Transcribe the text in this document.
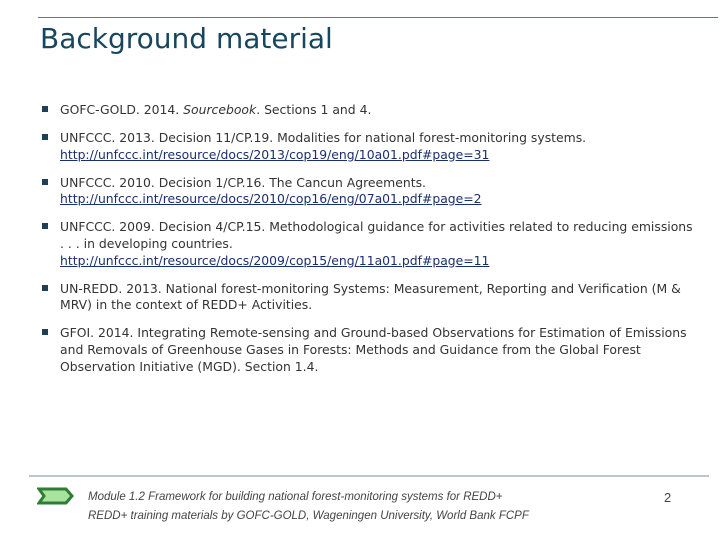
Background material
GOFC-GOLD. 2014. Sourcebook. Sections 1 and 4.
UNFCCC. 2013. Decision 11/CP.19. Modalities for national forest-monitoring systems.
http://unfccc.int/resource/docs/2013/cop19/eng/10a01.pdf#page=31
UNFCCC. 2010. Decision 1/CP.16. The Cancun Agreements.
http://unfccc.int/resource/docs/2010/cop16/eng/07a01.pdf#page=2
UNFCCC. 2009. Decision 4/CP.15. Methodological guidance for activities related to reducing emissions . . . in developing countries.
http://unfccc.int/resource/docs/2009/cop15/eng/11a01.pdf#page=11
UN-REDD. 2013. National forest-monitoring Systems: Measurement, Reporting and Verification (M & MRV) in the context of REDD+ Activities.
GFOI. 2014. Integrating Remote-sensing and Ground-based Observations for Estimation of Emissions and Removals of Greenhouse Gases in Forests: Methods and Guidance from the Global Forest Observation Initiative (MGD). Section 1.4.
Module 1.2 Framework for building national forest-monitoring systems for REDD+
REDD+ training materials by GOFC-GOLD, Wageningen University, World Bank FCPF
2
